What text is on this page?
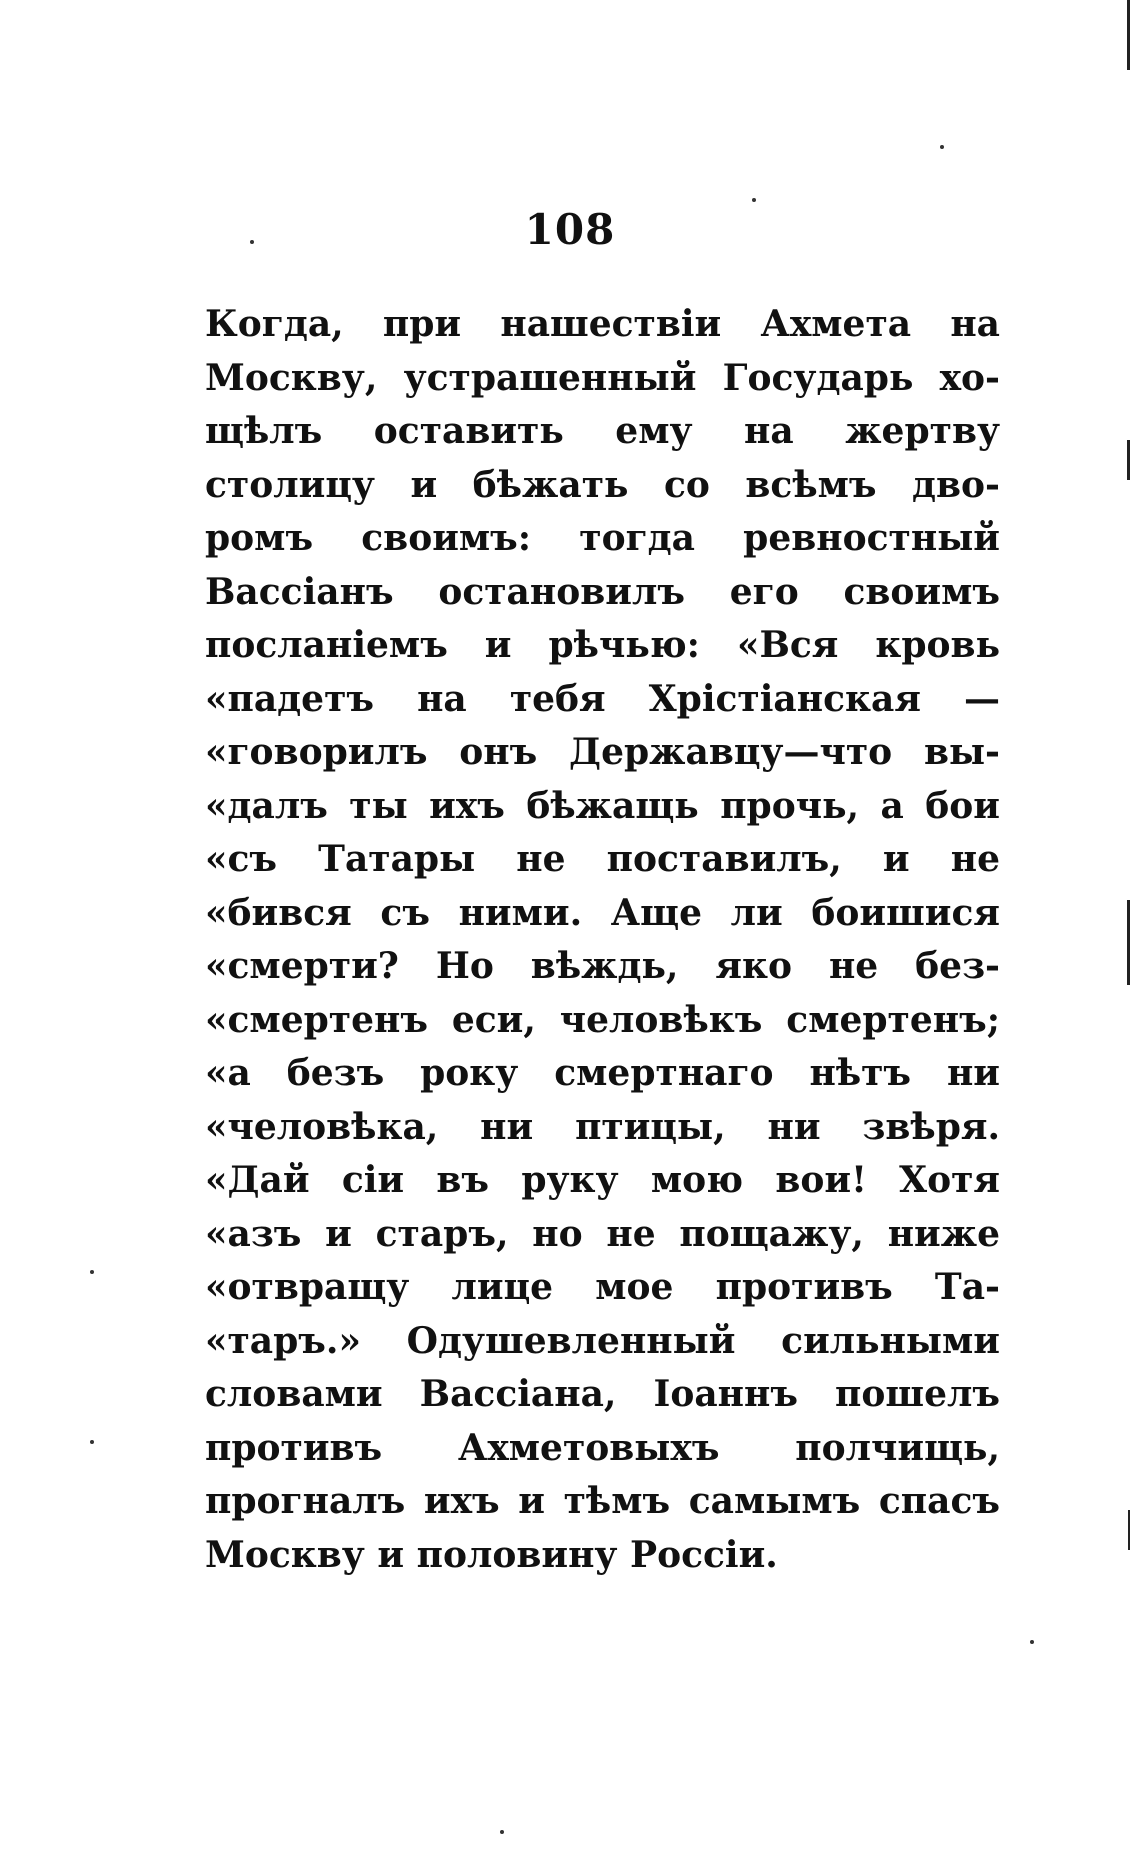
108
Когда, при нашествіи Ахмета на
Москву, устрашенный Государь хо-
щѣлъ оставить ему на жертву
столицу и бѣжать со всѣмъ дво-
ромъ своимъ: тогда ревностный
Вассіанъ остановилъ его своимъ
посланіемъ и рѣчью: «Вся кровь
«падетъ на тебя Хрістіанская —
«говорилъ онъ Державцу—что вы-
«далъ ты ихъ бѣжащь прочь, а бои
«съ Татары не поставилъ, и не
«бився съ ними. Аще ли боишися
«смерти? Но вѣждь, яко не без-
«смертенъ еси, человѣкъ смертенъ;
«а безъ року смертнаго нѣтъ ни
«человѣка, ни птицы, ни звѣря.
«Дай сіи въ руку мою вои! Хотя
«азъ и старъ, но не пощажу, ниже
«отвращу лице мое противъ Та-
«таръ.» Одушевленный сильными
словами Вассіана, Іоаннъ пошелъ
противъ Ахметовыхъ полчищь,
прогналъ ихъ и тѣмъ самымъ спасъ
Москву и половину Россіи.
